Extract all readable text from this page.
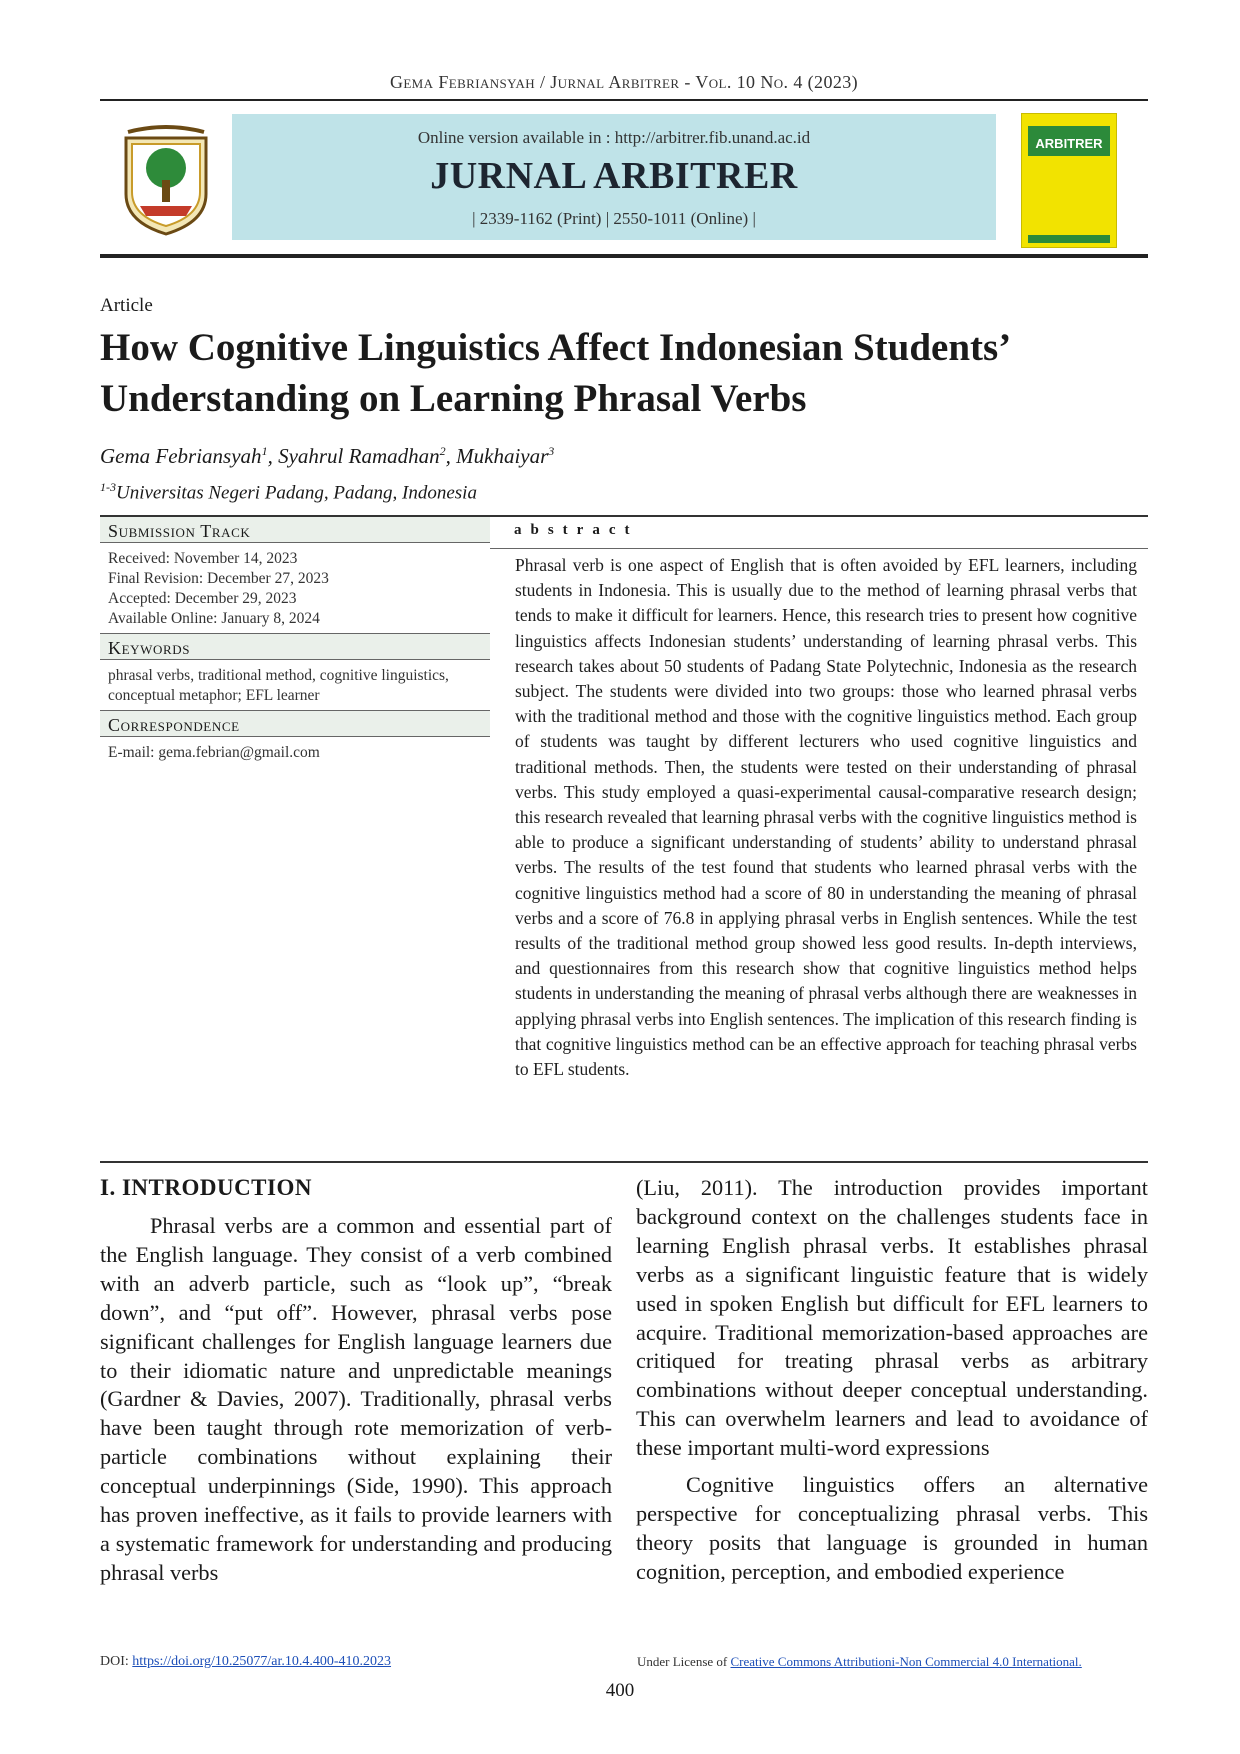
Gema Febriansyah / Jurnal Arbitrer - Vol. 10 No. 4 (2023)
Online version available in : http://arbitrer.fib.unand.ac.id
JURNAL ARBITRER
| 2339-1162 (Print) | 2550-1011 (Online) |
ARBITRER
Article
How Cognitive Linguistics Affect Indonesian Students’
Understanding on Learning Phrasal Verbs
Gema Febriansyah$^1$, Syahrul Ramadhan$^2$, Mukhaiyar$^3$
$^{1-3}$Universitas Negeri Padang, Padang, Indonesia
Submission Track
Received: November 14, 2023
Final Revision: December 27, 2023
Accepted: December 29, 2023
Available Online: January 8, 2024
Keywords
phrasal verbs, traditional method, cognitive linguistics,
conceptual metaphor; EFL learner
Correspondence
E-mail: gema.febrian@gmail.com
abstract
Phrasal verb is one aspect of English that is often avoided by EFL learners, including students in Indonesia. This is usually due to the method of learning phrasal verbs that tends to make it difficult for learners. Hence, this research tries to present how cognitive linguistics affects Indonesian students’ understanding of learning phrasal verbs. This research takes about 50 students of Padang State Polytechnic, Indonesia as the research subject. The students were divided into two groups: those who learned phrasal verbs with the traditional method and those with the cognitive linguistics method. Each group of students was taught by different lecturers who used cognitive linguistics and traditional methods. Then, the students were tested on their understanding of phrasal verbs. This study employed a quasi-experimental causal-comparative research design; this research revealed that learning phrasal verbs with the cognitive linguistics method is able to produce a significant understanding of students’ ability to understand phrasal verbs. The results of the test found that students who learned phrasal verbs with the cognitive linguistics method had a score of 80 in understanding the meaning of phrasal verbs and a score of 76.8 in applying phrasal verbs in English sentences. While the test results of the traditional method group showed less good results. In-depth interviews, and questionnaires from this research show that cognitive linguistics method helps students in understanding the meaning of phrasal verbs although there are weaknesses in applying phrasal verbs into English sentences. The implication of this research finding is that cognitive linguistics method can be an effective approach for teaching phrasal verbs to EFL students.
I. INTRODUCTION

Phrasal verbs are a common and essential part of the English language. They consist of a verb combined with an adverb particle, such as “look up”, “break down”, and “put off”. However, phrasal verbs pose significant challenges for English language learners due to their idiomatic nature and unpredictable meanings (Gardner & Davies, 2007). Traditionally, phrasal verbs have been taught through rote memorization of verb-particle combinations without explaining their conceptual underpinnings (Side, 1990). This approach has proven ineffective, as it fails to provide learners with a systematic framework for understanding and producing phrasal verbs

(Liu, 2011). The introduction provides important background context on the challenges students face in learning English phrasal verbs. It establishes phrasal verbs as a significant linguistic feature that is widely used in spoken English but difficult for EFL learners to acquire. Traditional memorization-based approaches are critiqued for treating phrasal verbs as arbitrary combinations without deeper conceptual understanding. This can overwhelm learners and lead to avoidance of these important multi-word expressions

Cognitive linguistics offers an alternative perspective for conceptualizing phrasal verbs. This theory posits that language is grounded in human cognition, perception, and embodied experience

DOI: https://doi.org/10.25077/ar.10.4.400-410.2023	Under License of Creative Commons Attributioni-Non Commercial 4.0 International.
400
